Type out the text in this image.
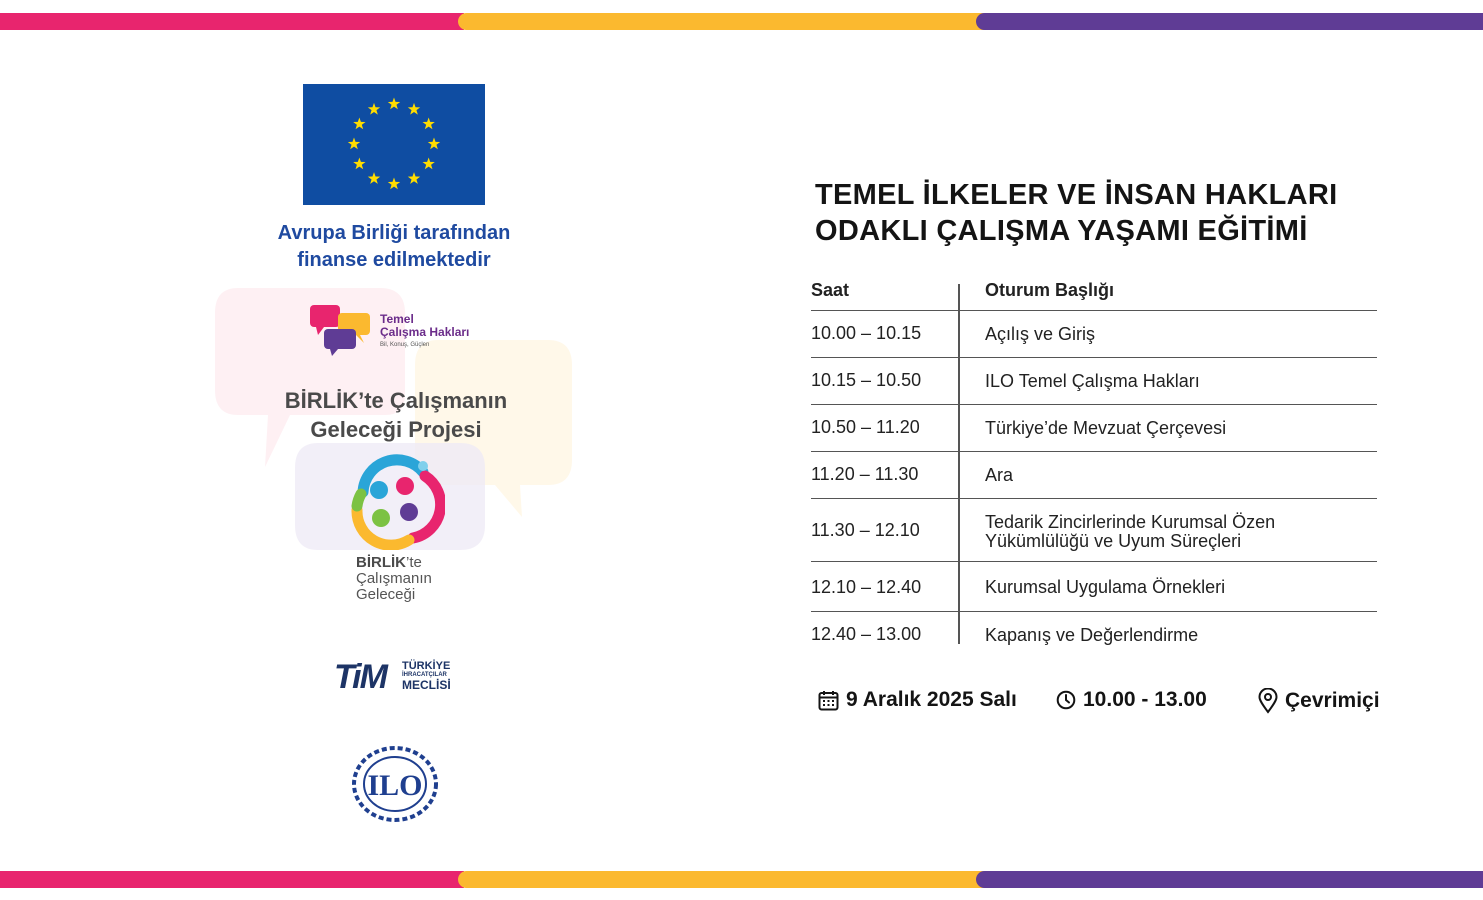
Avrupa Birliği tarafından
finanse edilmektedir
Temel
Çalışma Hakları
Bil, Konuş, Güçlen
BİRLİK’te Çalışmanın
Geleceği Projesi
BİRLİK’te
Çalışmanın
Geleceği
TiM TÜRKİYE
İHRACATÇILAR
MECLİSİ
ILO
TEMEL İLKELER VE İNSAN HAKLARI
ODAKLI ÇALIŞMA YAŞAMI EĞİTİMİ
Saat	Oturum Başlığı
10.00 – 10.15	Açılış ve Giriş
10.15 – 10.50	ILO Temel Çalışma Hakları
10.50 – 11.20	Türkiye’de Mevzuat Çerçevesi
11.20 – 11.30	Ara
11.30 – 12.10	Tedarik Zincirlerinde Kurumsal Özen Yükümlülüğü ve Uyum Süreçleri
12.10 – 12.40	Kurumsal Uygulama Örnekleri
12.40 – 13.00	Kapanış ve Değerlendirme
9 Aralık 2025 Salı	10.00 - 13.00	Çevrimiçi
